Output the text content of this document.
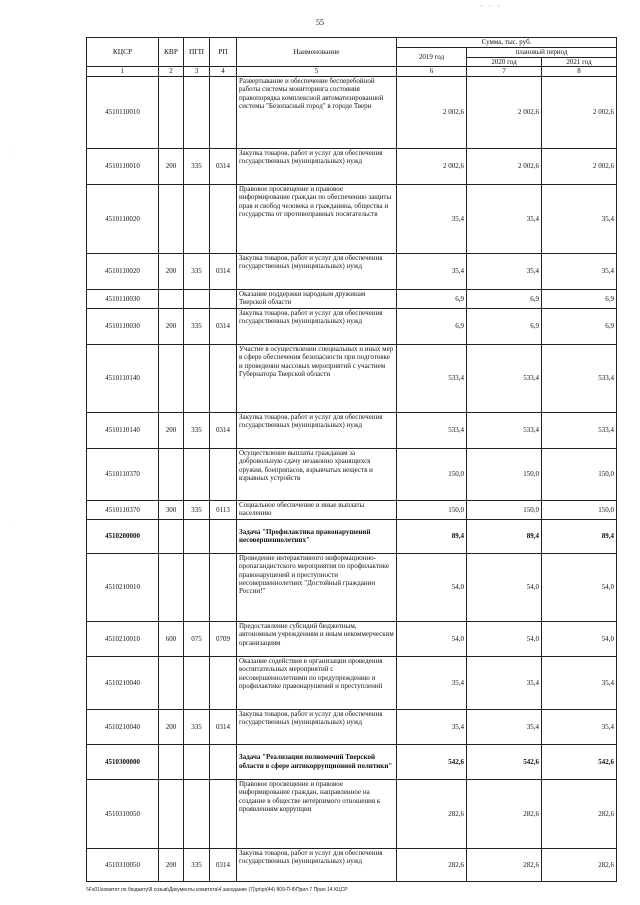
55
· · ·
·
·
КЦСР	КВР	ПГП	РП	Наименование	Сумма, тыс. руб.		
					2019 год	плановый период	
						2020 год	2021 год
1	2	3	4	5	6	7	8
4510110010				Развертывание и обеспечение бесперебойной работы системы мониторинга состояния правопорядка комплексной автоматизированной системы "Безопасный город" в городе Твери	2 002,6	2 002,6	2 002,6
4510110010	200	335	0314	Закупка товаров, работ и услуг для обеспечения государственных (муниципальных) нужд	2 002,6	2 002,6	2 002,6
4510110020				Правовое просвещение и правовое информирование граждан по обеспечению защиты прав и свобод человека и гражданина, общества и государства от противоправных посягательств	35,4	35,4	35,4
4510110020	200	335	0314	Закупка товаров, работ и услуг для обеспечения государственных (муниципальных) нужд	35,4	35,4	35,4
4510110030				Оказание поддержки народным дружинам Тверской области	6,9	6,9	6,9
4510110030	200	335	0314	Закупка товаров, работ и услуг для обеспечения государственных (муниципальных) нужд	6,9	6,9	6,9
4510110140				Участие в осуществлении специальных и иных мер в сфере обеспечения безопасности при подготовке и проведении массовых мероприятий с участием Губернатора Тверской области	533,4	533,4	533,4
4510110140	200	335	0314	Закупка товаров, работ и услуг для обеспечения государственных (муниципальных) нужд	533,4	533,4	533,4
4510110370				Осуществление выплаты гражданам за добровольную сдачу незаконно хранящихся оружия, боеприпасов, взрывчатых веществ и взрывных устройств	150,0	150,0	150,0
4510110370	300	335	0113	Социальное обеспечение и иные выплаты населению	150,0	150,0	150,0
4510200000				Задача "Профилактика правонарушений несовершеннолетних"	89,4	89,4	89,4
4510210010				Проведение интерактивного информационно-пропагандистского мероприятия по профилактике правонарушений и преступности несовершеннолетних "Достойный гражданин России!"	54,0	54,0	54,0
4510210010	600	075	0709	Предоставление субсидий бюджетным, автономным учреждениям и иным некоммерческим организациям	54,0	54,0	54,0
4510210040				Оказание содействия в организации проведения воспитательных мероприятий с несовершеннолетними по предупреждению и профилактике правонарушений и преступлений	35,4	35,4	35,4
4510210040	200	335	0314	Закупка товаров, работ и услуг для обеспечения государственных (муниципальных) нужд	35,4	35,4	35,4
4510300000				Задача "Реализация полномочий Тверской области в сфере антикоррупционной политики"	542,6	542,6	542,6
4510310050				Правовое просвещение и правовое информирование граждан, направленное на создание в обществе нетерпимого отношения к проявлениям коррупции	282,6	282,6	282,6
4510310050	200	335	0314	Закупка товаров, работ и услуг для обеспечения государственных (муниципальных) нужд	282,6	282,6	282,6
\\Fs01\комитет по бюджету\8 созыв\Документы комитета\4 заседание (7)\pr\pr(44) 809-П-8\Прил 7 Прил 14 КЦСР
